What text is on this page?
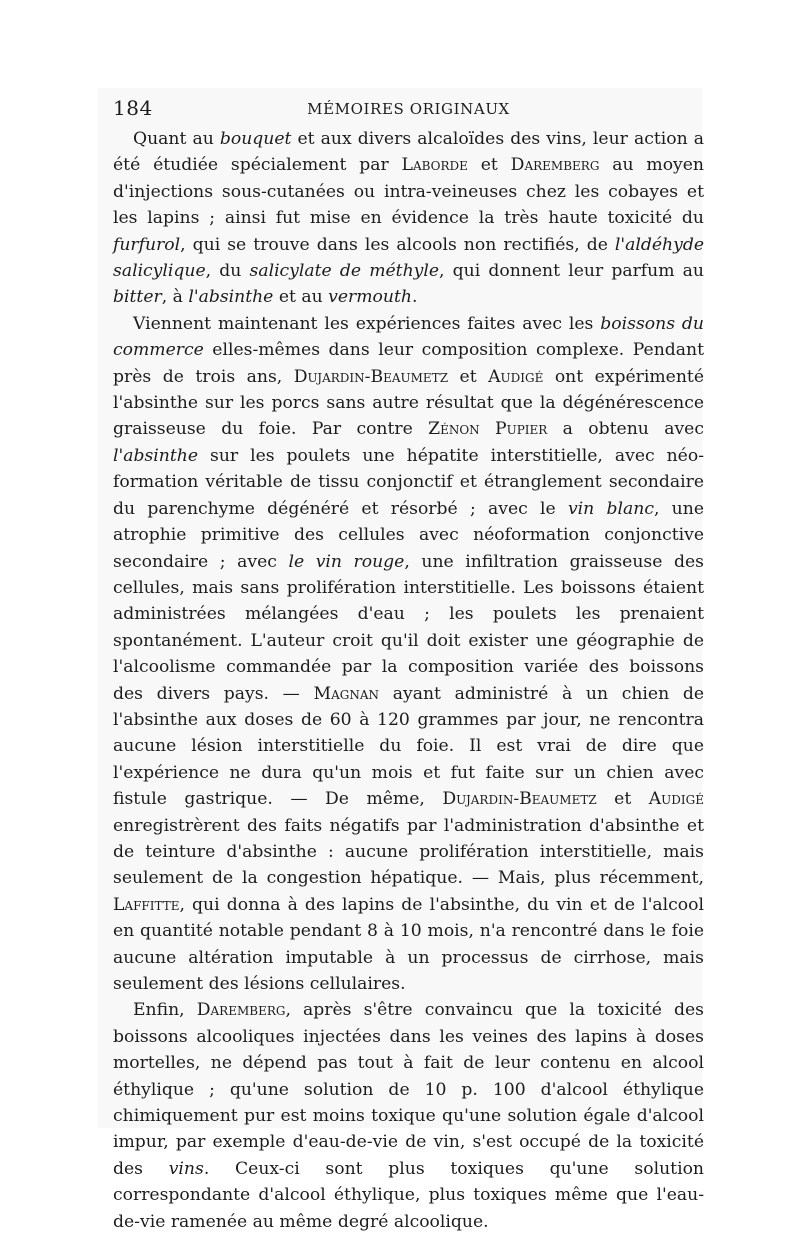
184	MÉMOIRES ORIGINAUX

Quant au bouquet et aux divers alcaloïdes des vins, leur action a été étudiée spécialement par Laborde et Dareмberg au moyen d'injections sous-cutanées ou intra-veineuses chez les cobayes et les lapins ; ainsi fut mise en évidence la très haute toxicité du furfurol, qui se trouve dans les alcools non rectifiés, de l'aldéhyde salicylique, du salicylate de méthyle, qui donnent leur parfum au bitter, à l'absinthe et au vermouth.

Viennent maintenant les expériences faites avec les boissons du commerce elles-mêmes dans leur composition complexe. Pendant près de trois ans, Dujardin-Beaumetz et Audigé ont expérimenté l'absinthe sur les porcs sans autre résultat que la dégénérescence graisseuse du foie. Par contre Zénon Pupier a obtenu avec l'absinthe sur les poulets une hépatite interstitielle, avec néo-formation véritable de tissu conjonctif et étranglement secondaire du parenchyme dégénéré et résorbé ; avec le vin blanc, une atrophie primitive des cellules avec néoformation conjonctive secondaire ; avec le vin rouge, une infiltration graisseuse des cellules, mais sans prolifération interstitielle. Les boissons étaient administrées mélangées d'eau ; les poulets les prenaient spontanément. L'auteur croit qu'il doit exister une géographie de l'alcoolisme commandée par la composition variée des boissons des divers pays. — Magnan ayant administré à un chien de l'absinthe aux doses de 60 à 120 grammes par jour, ne rencontra aucune lésion interstitielle du foie. Il est vrai de dire que l'expérience ne dura qu'un mois et fut faite sur un chien avec fistule gastrique. — De même, Dujardin-Beaumetz et Audigé enregistrèrent des faits négatifs par l'administration d'absinthe et de teinture d'absinthe : aucune prolifération interstitielle, mais seulement de la congestion hépatique. — Mais, plus récemment, Laffitte, qui donna à des lapins de l'absinthe, du vin et de l'alcool en quantité notable pendant 8 à 10 mois, n'a rencontré dans le foie aucune altération imputable à un processus de cirrhose, mais seulement des lésions cellulaires.

Enfin, Daremberg, après s'être convaincu que la toxicité des boissons alcooliques injectées dans les veines des lapins à doses mortelles, ne dépend pas tout à fait de leur contenu en alcool éthylique ; qu'une solution de 10 p. 100 d'alcool éthylique chimiquement pur est moins toxique qu'une solution égale d'alcool impur, par exemple d'eau-de-vie de vin, s'est occupé de la toxicité des vins. Ceux-ci sont plus toxiques qu'une solution correspondante d'alcool éthylique, plus toxiques même que l'eau-de-vie ramenée au même degré alcoolique.
